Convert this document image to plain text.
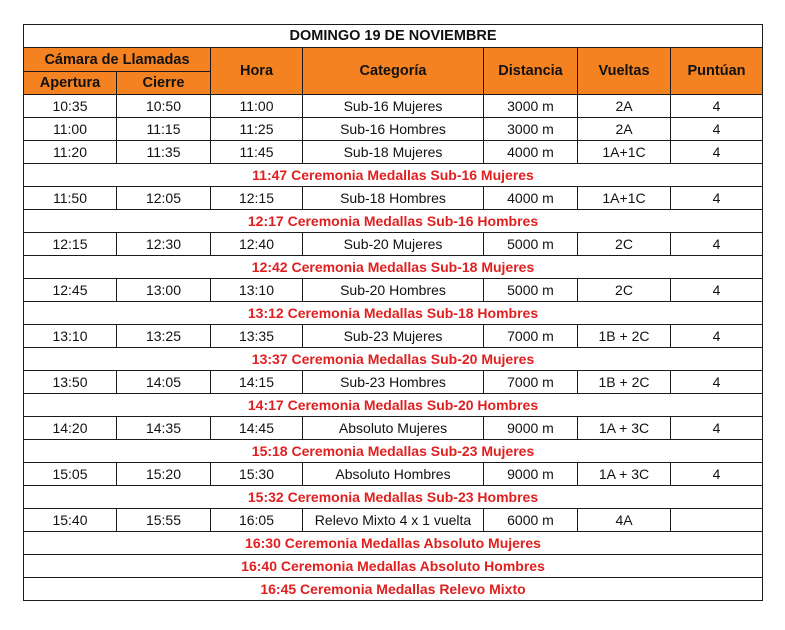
DOMINGO 19 DE NOVIEMBRE						
Cámara de Llamadas		Hora	Categoría	Distancia	Vueltas	Puntúan
Apertura	Cierre					
10:35	10:50	11:00	Sub-16 Mujeres	3000 m	2A	4
11:00	11:15	11:25	Sub-16 Hombres	3000 m	2A	4
11:20	11:35	11:45	Sub-18 Mujeres	4000 m	1A+1C	4
11:47 Ceremonia Medallas Sub-16 Mujeres						
11:50	12:05	12:15	Sub-18 Hombres	4000 m	1A+1C	4
12:17 Ceremonia Medallas Sub-16 Hombres						
12:15	12:30	12:40	Sub-20 Mujeres	5000 m	2C	4
12:42 Ceremonia Medallas Sub-18 Mujeres						
12:45	13:00	13:10	Sub-20 Hombres	5000 m	2C	4
13:12 Ceremonia Medallas Sub-18 Hombres						
13:10	13:25	13:35	Sub-23 Mujeres	7000 m	1B + 2C	4
13:37 Ceremonia Medallas Sub-20 Mujeres						
13:50	14:05	14:15	Sub-23 Hombres	7000 m	1B + 2C	4
14:17 Ceremonia Medallas Sub-20 Hombres						
14:20	14:35	14:45	Absoluto Mujeres	9000 m	1A + 3C	4
15:18 Ceremonia Medallas Sub-23 Mujeres						
15:05	15:20	15:30	Absoluto Hombres	9000 m	1A + 3C	4
15:32 Ceremonia Medallas Sub-23 Hombres						
15:40	15:55	16:05	Relevo Mixto 4 x 1 vuelta	6000 m	4A	
16:30 Ceremonia Medallas Absoluto Mujeres						
16:40 Ceremonia Medallas Absoluto Hombres						
16:45 Ceremonia Medallas Relevo Mixto						
